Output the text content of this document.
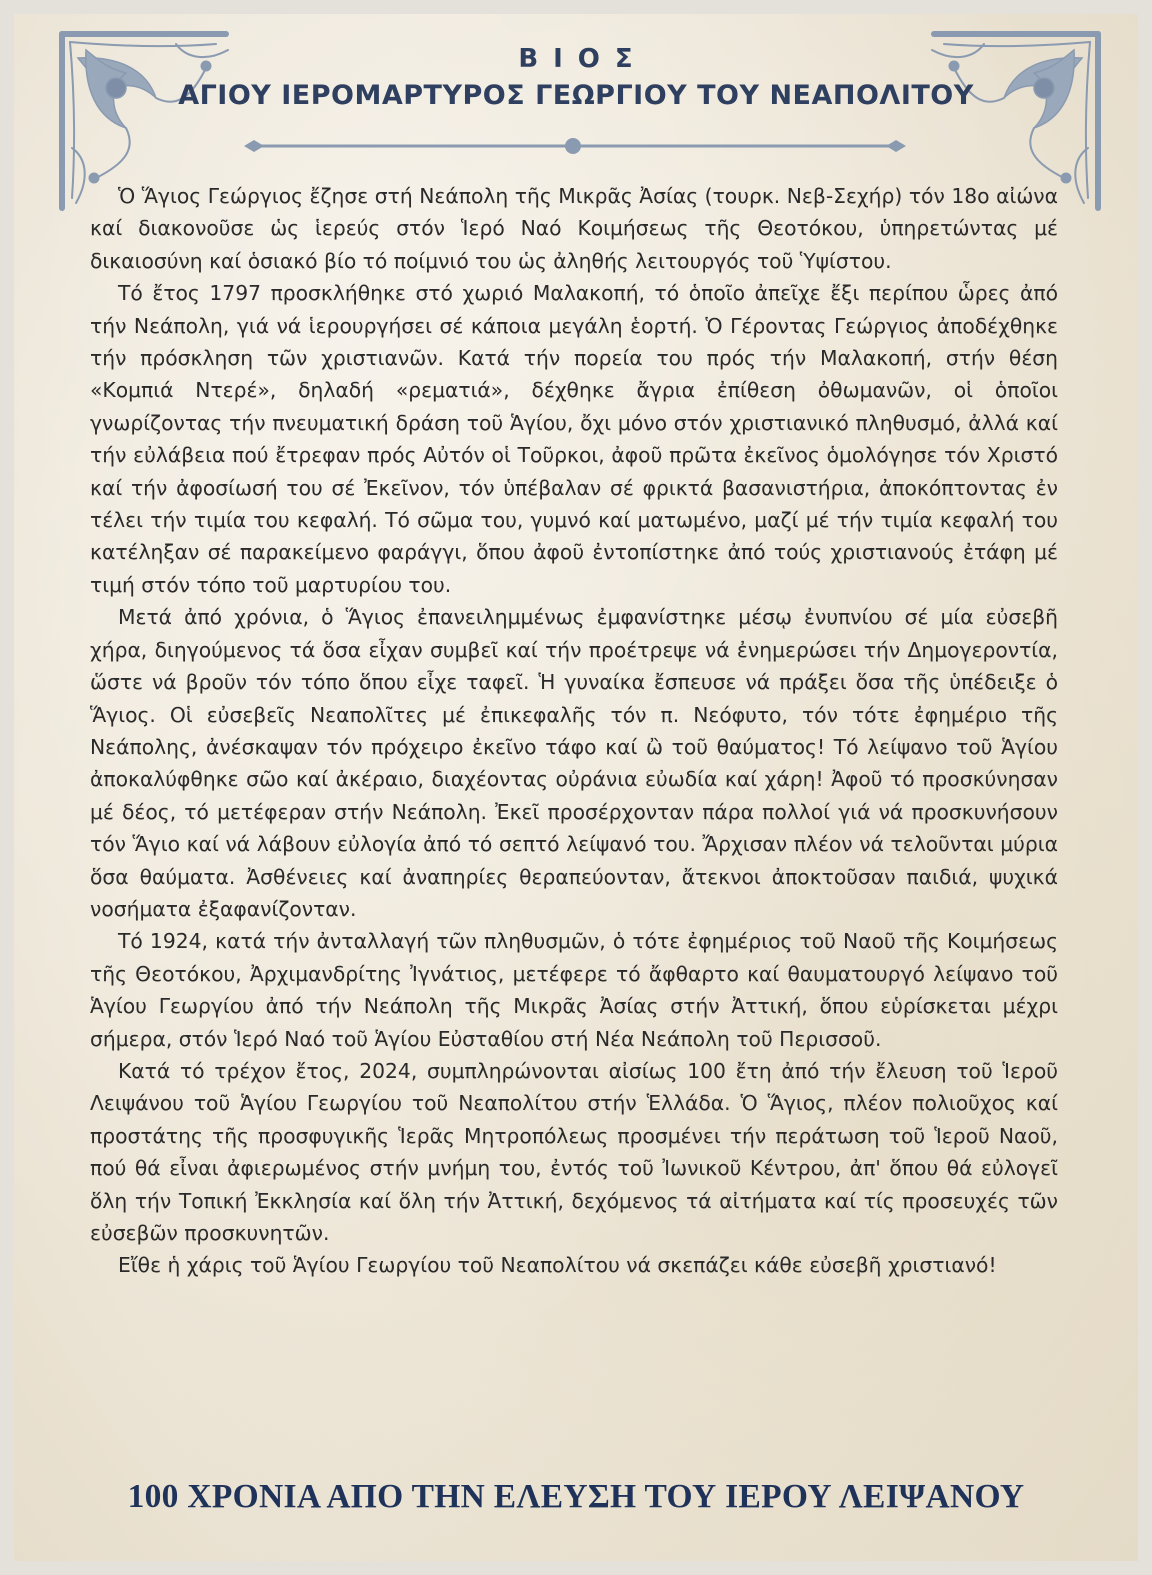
ΒΙΟΣ
ΑΓΙΟΥ ΙΕΡΟΜΑΡΤΥΡΟΣ ΓΕΩΡΓΙΟΥ ΤΟΥ ΝΕΑΠΟΛΙΤΟΥ

Ὁ Ἅγιος Γεώργιος ἔζησε στή Νεάπολη τῆς Μικρᾶς Ἀσίας (τουρκ. Νεβ-Σεχήρ) τόν 18ο αἰώνα καί διακονοῦσε ὡς ἱερεύς στόν Ἱερό Ναό Κοιμήσεως τῆς Θεοτόκου, ὑπηρετώντας μέ δικαιοσύνη καί ὁσιακό βίο τό ποίμνιό του ὡς ἀληθής λειτουργός τοῦ Ὑψίστου.

Τό ἔτος 1797 προσκλήθηκε στό χωριό Μαλακοπή, τό ὁποῖο ἀπεῖχε ἔξι περίπου ὧρες ἀπό τήν Νεάπολη, γιά νά ἱερουργήσει σέ κάποια μεγάλη ἑορτή. Ὁ Γέροντας Γεώργιος ἀποδέχθηκε τήν πρόσκληση τῶν χριστιανῶν. Κατά τήν πορεία του πρός τήν Μαλακοπή, στήν θέση «Κομπιά Ντερέ», δηλαδή «ρεματιά», δέχθηκε ἄγρια ἐπίθεση ὀθωμανῶν, οἱ ὁποῖοι γνωρίζοντας τήν πνευματική δράση τοῦ Ἁγίου, ὄχι μόνο στόν χριστιανικό πληθυσμό, ἀλλά καί τήν εὐλάβεια πού ἔτρεφαν πρός Αὐτόν οἱ Τοῦρκοι, ἀφοῦ πρῶτα ἐκεῖνος ὁμολόγησε τόν Χριστό καί τήν ἀφοσίωσή του σέ Ἐκεῖνον, τόν ὑπέβαλαν σέ φρικτά βασανιστήρια, ἀποκόπτοντας ἐν τέλει τήν τιμία του κεφαλή. Τό σῶμα του, γυμνό καί ματωμένο, μαζί μέ τήν τιμία κεφαλή του κατέληξαν σέ παρακείμενο φαράγγι, ὅπου ἀφοῦ ἐντοπίστηκε ἀπό τούς χριστιανούς ἐτάφη μέ τιμή στόν τόπο τοῦ μαρτυρίου του.

Μετά ἀπό χρόνια, ὁ Ἅγιος ἐπανειλημμένως ἐμφανίστηκε μέσῳ ἐνυπνίου σέ μία εὐσεβῆ χήρα, διηγούμενος τά ὅσα εἶχαν συμβεῖ καί τήν προέτρεψε νά ἐνημερώσει τήν Δημογεροντία, ὥστε νά βροῦν τόν τόπο ὅπου εἶχε ταφεῖ. Ἡ γυναίκα ἔσπευσε νά πράξει ὅσα τῆς ὑπέδειξε ὁ Ἅγιος. Οἱ εὐσεβεῖς Νεαπολῖτες μέ ἐπικεφαλῆς τόν π. Νεόφυτο, τόν τότε ἐφημέριο τῆς Νεάπολης, ἀνέσκαψαν τόν πρόχειρο ἐκεῖνο τάφο καί ὢ τοῦ θαύματος! Τό λείψανο τοῦ Ἁγίου ἀποκαλύφθηκε σῶο καί ἀκέραιο, διαχέοντας οὐράνια εὐωδία καί χάρη! Ἀφοῦ τό προσκύνησαν μέ δέος, τό μετέφεραν στήν Νεάπολη. Ἐκεῖ προσέρχονταν πάρα πολλοί γιά νά προσκυνήσουν τόν Ἅγιο καί νά λάβουν εὐλογία ἀπό τό σεπτό λείψανό του. Ἄρχισαν πλέον νά τελοῦνται μύρια ὅσα θαύματα. Ἀσθένειες καί ἀναπηρίες θεραπεύονταν, ἄτεκνοι ἀποκτοῦσαν παιδιά, ψυχικά νοσήματα ἐξαφανίζονταν.

Τό 1924, κατά τήν ἀνταλλαγή τῶν πληθυσμῶν, ὁ τότε ἐφημέριος τοῦ Ναοῦ τῆς Κοιμήσεως τῆς Θεοτόκου, Ἀρχιμανδρίτης Ἰγνάτιος, μετέφερε τό ἄφθαρτο καί θαυματουργό λείψανο τοῦ Ἁγίου Γεωργίου ἀπό τήν Νεάπολη τῆς Μικρᾶς Ἀσίας στήν Ἀττική, ὅπου εὑρίσκεται μέχρι σήμερα, στόν Ἱερό Ναό τοῦ Ἁγίου Εὐσταθίου στή Νέα Νεάπολη τοῦ Περισσοῦ.

Κατά τό τρέχον ἔτος, 2024, συμπληρώνονται αἰσίως 100 ἔτη ἀπό τήν ἔλευση τοῦ Ἱεροῦ Λειψάνου τοῦ Ἁγίου Γεωργίου τοῦ Νεαπολίτου στήν Ἑλλάδα. Ὁ Ἅγιος, πλέον πολιοῦχος καί προστάτης τῆς προσφυγικῆς Ἱερᾶς Μητροπόλεως προσμένει τήν περάτωση τοῦ Ἱεροῦ Ναοῦ, πού θά εἶναι ἀφιερωμένος στήν μνήμη του, ἐντός τοῦ Ἰωνικοῦ Κέντρου, ἀπ' ὅπου θά εὐλογεῖ ὅλη τήν Τοπική Ἐκκλησία καί ὅλη τήν Ἀττική, δεχόμενος τά αἰτήματα καί τίς προσευχές τῶν εὐσεβῶν προσκυνητῶν.

Εἴθε ἡ χάρις τοῦ Ἁγίου Γεωργίου τοῦ Νεαπολίτου νά σκεπάζει κάθε εὐσεβῆ χριστιανό!

100 ΧΡΟΝΙΑ ΑΠΟ ΤΗΝ ΕΛΕΥΣΗ ΤΟΥ ΙΕΡΟΥ ΛΕΙΨΑΝΟΥ
